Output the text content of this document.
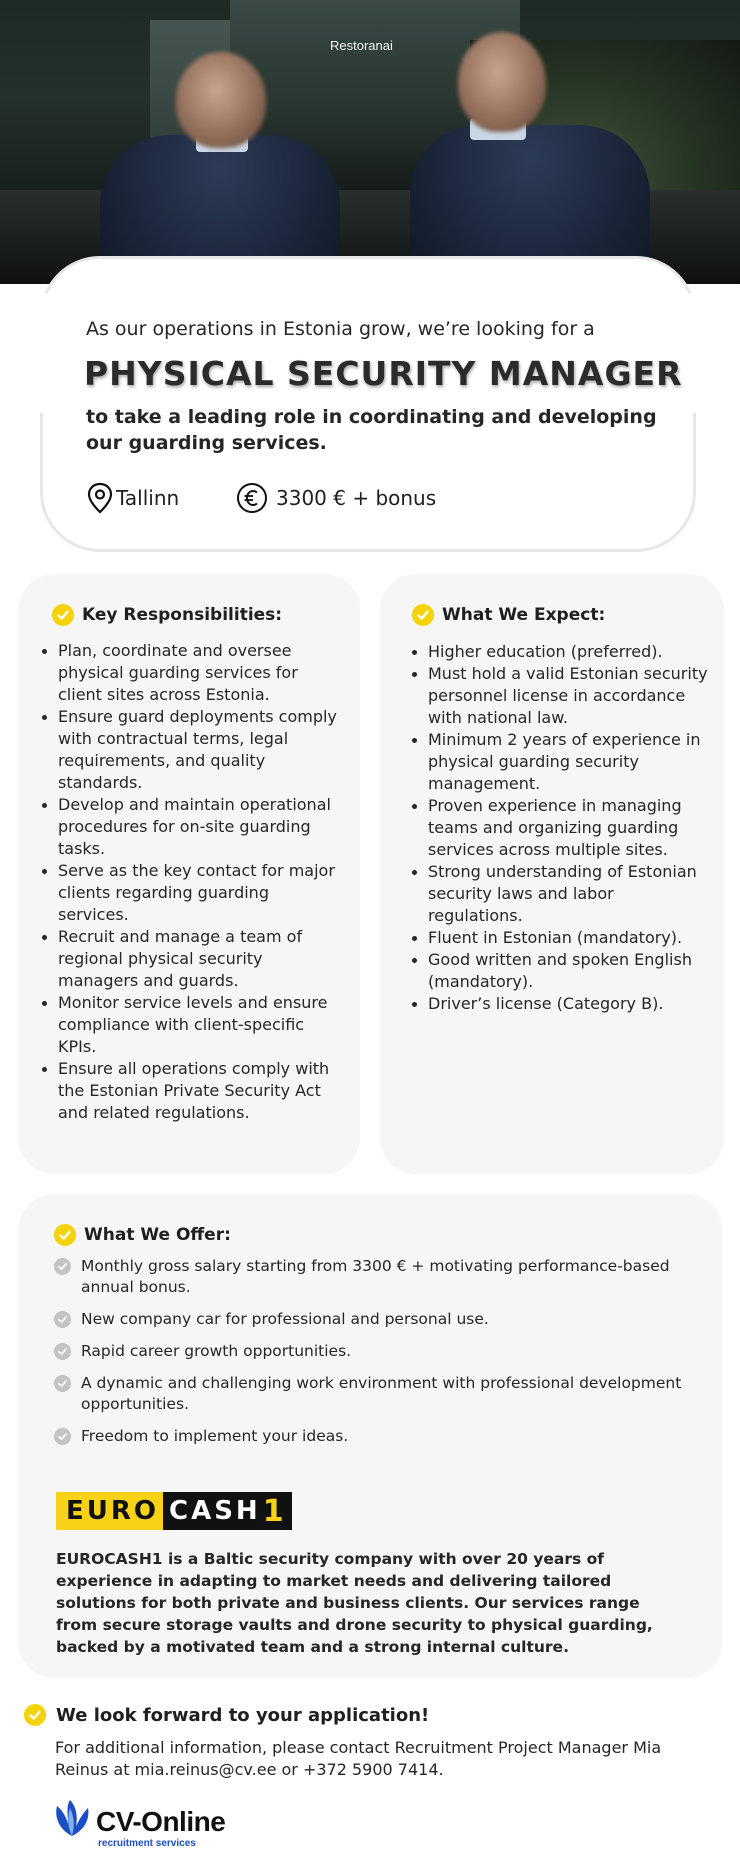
Restoranai
As our operations in Estonia grow, we’re looking for a
PHYSICAL SECURITY MANAGER
to take a leading role in coordinating and developing our guarding services.
Tallinn	3300 € + bonus
Key Responsibilities:
Plan, coordinate and oversee physical guarding services for client sites across Estonia.
Ensure guard deployments comply with contractual terms, legal requirements, and quality standards.
Develop and maintain operational procedures for on-site guarding tasks.
Serve as the key contact for major clients regarding guarding services.
Recruit and manage a team of regional physical security managers and guards.
Monitor service levels and ensure compliance with client-specific KPIs.
Ensure all operations comply with the Estonian Private Security Act and related regulations.
What We Expect:
Higher education (preferred).
Must hold a valid Estonian security personnel license in accordance with national law.
Minimum 2 years of experience in physical guarding security management.
Proven experience in managing teams and organizing guarding services across multiple sites.
Strong understanding of Estonian security laws and labor regulations.
Fluent in Estonian (mandatory).
Good written and spoken English (mandatory).
Driver’s license (Category B).
What We Offer:
Monthly gross salary starting from 3300 € + motivating performance-based annual bonus.
New company car for professional and personal use.
Rapid career growth opportunities.
A dynamic and challenging work environment with professional development opportunities.
Freedom to implement your ideas.
EURO CASH 1
EUROCASH1 is a Baltic security company with over 20 years of experience in adapting to market needs and delivering tailored solutions for both private and business clients. Our services range from secure storage vaults and drone security to physical guarding, backed by a motivated team and a strong internal culture.
We look forward to your application!
For additional information, please contact Recruitment Project Manager Mia Reinus at mia.reinus@cv.ee or +372 5900 7414.
CV-Online
recruitment services
